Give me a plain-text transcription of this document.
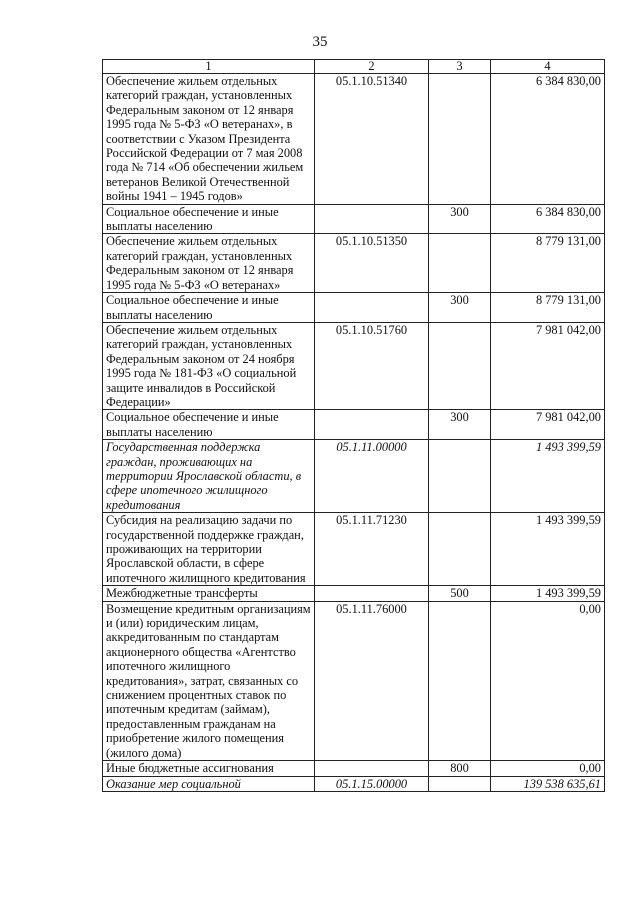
35
1	2	3	4
Обеспечение жильем отдельных категорий граждан, установленных Федеральным законом от 12 января 1995 года № 5-ФЗ «О ветеранах», в соответствии с Указом Президента Российской Федерации от 7 мая 2008 года № 714 «Об обеспечении жильем ветеранов Великой Отечественной войны 1941 – 1945 годов»	05.1.10.51340		6 384 830,00
Социальное обеспечение и иные выплаты населению		300	6 384 830,00
Обеспечение жильем отдельных категорий граждан, установленных Федеральным законом от 12 января 1995 года № 5-ФЗ «О ветеранах»	05.1.10.51350		8 779 131,00
Социальное обеспечение и иные выплаты населению		300	8 779 131,00
Обеспечение жильем отдельных категорий граждан, установленных Федеральным законом от 24 ноября 1995 года № 181-ФЗ «О социальной защите инвалидов в Российской Федерации»	05.1.10.51760		7 981 042,00
Социальное обеспечение и иные выплаты населению		300	7 981 042,00
Государственная поддержка граждан, проживающих на территории Ярославской области, в сфере ипотечного жилищного кредитования	05.1.11.00000		1 493 399,59
Субсидия на реализацию задачи по государственной поддержке граждан, проживающих на территории Ярославской области, в сфере ипотечного жилищного кредитования	05.1.11.71230		1 493 399,59
Межбюджетные трансферты		500	1 493 399,59
Возмещение кредитным организациям и (или) юридическим лицам, аккредитованным по стандартам акционерного общества «Агентство ипотечного жилищного кредитования», затрат, связанных со снижением процентных ставок по ипотечным кредитам (займам), предоставленным гражданам на приобретение жилого помещения (жилого дома)	05.1.11.76000		0,00
Иные бюджетные ассигнования		800	0,00
Оказание мер социальной	05.1.15.00000		139 538 635,61
